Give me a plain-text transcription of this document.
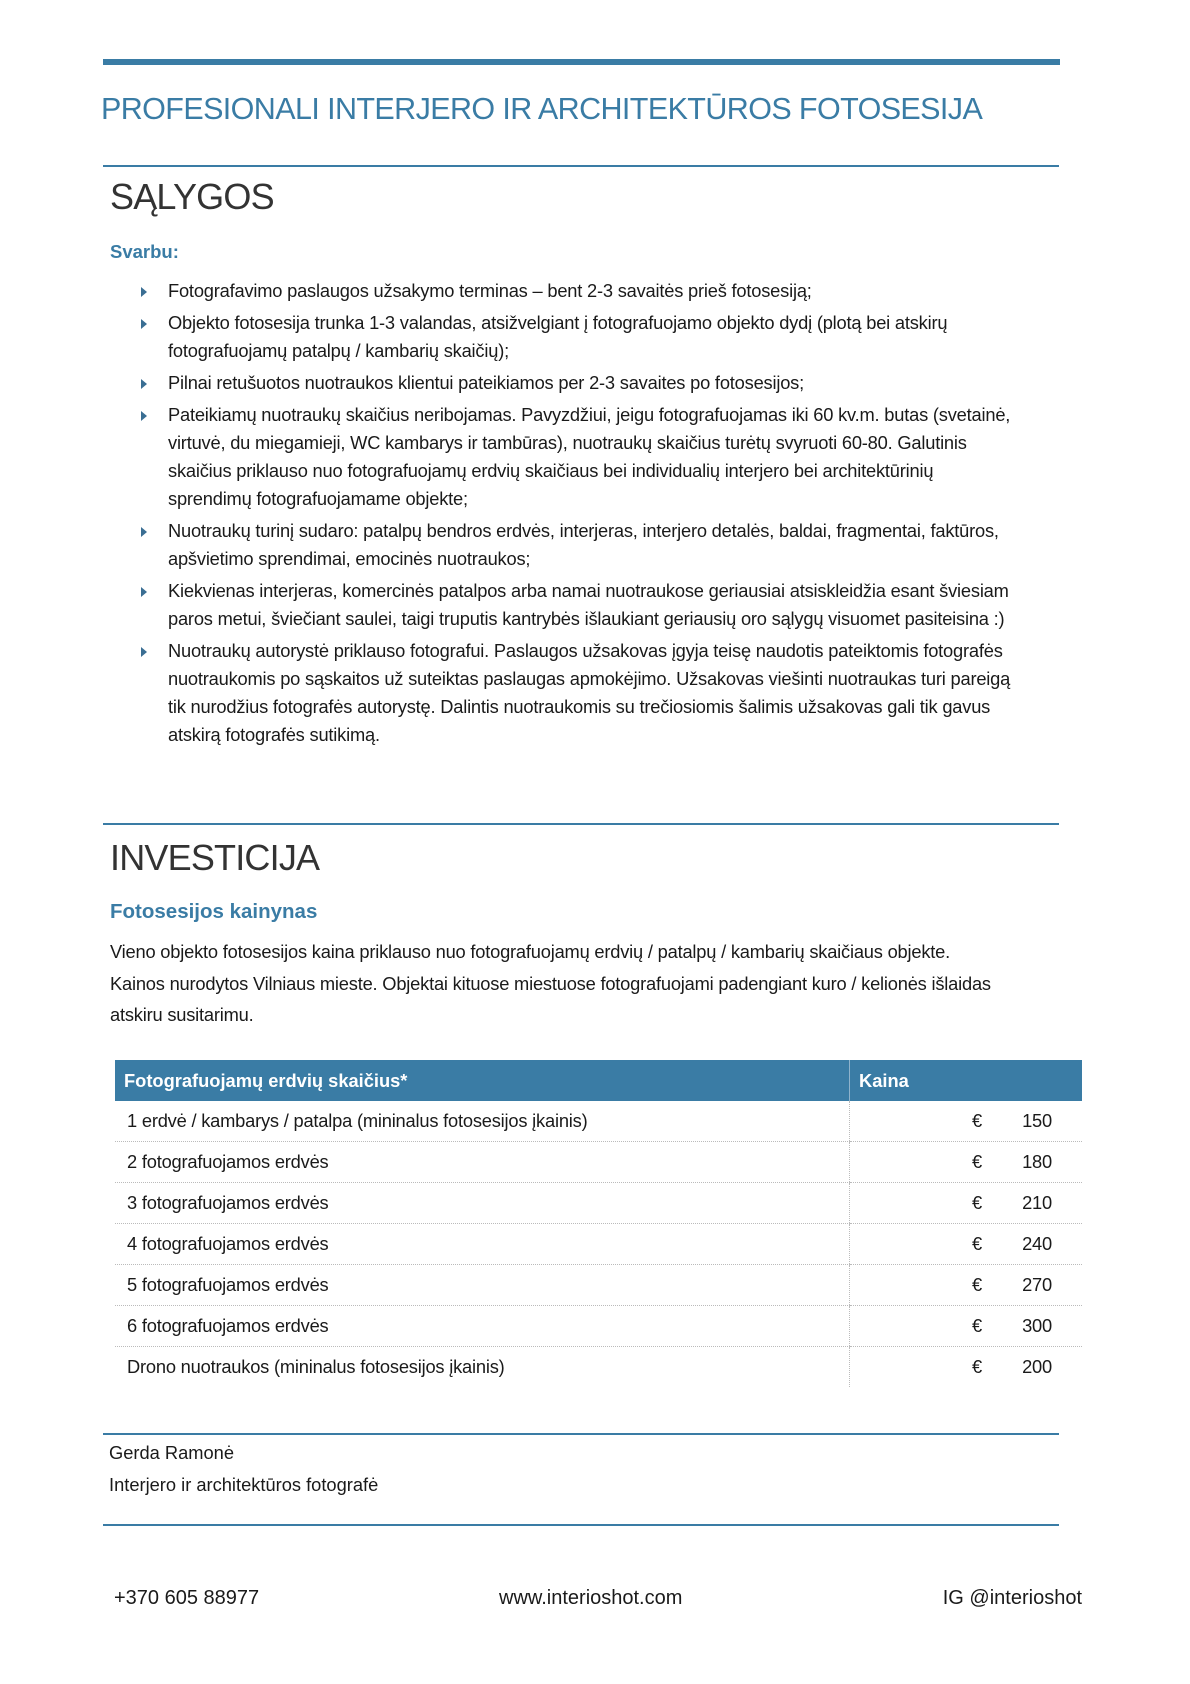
PROFESIONALI INTERJERO IR ARCHITEKTŪROS FOTOSESIJA
SĄLYGOS
Svarbu:
Fotografavimo paslaugos užsakymo terminas – bent 2-3 savaitės prieš fotosesiją;
Objekto fotosesija trunka 1-3 valandas, atsižvelgiant į fotografuojamo objekto dydį (plotą bei atskirų
fotografuojamų patalpų / kambarių skaičių);
Pilnai retušuotos nuotraukos klientui pateikiamos per 2-3 savaites po fotosesijos;
Pateikiamų nuotraukų skaičius neribojamas. Pavyzdžiui, jeigu fotografuojamas iki 60 kv.m. butas (svetainė,
virtuvė, du miegamieji, WC kambarys ir tambūras), nuotraukų skaičius turėtų svyruoti 60-80. Galutinis
skaičius priklauso nuo fotografuojamų erdvių skaičiaus bei individualių interjero bei architektūrinių
sprendimų fotografuojamame objekte;
Nuotraukų turinį sudaro: patalpų bendros erdvės, interjeras, interjero detalės, baldai, fragmentai, faktūros,
apšvietimo sprendimai, emocinės nuotraukos;
Kiekvienas interjeras, komercinės patalpos arba namai nuotraukose geriausiai atsiskleidžia esant šviesiam
paros metui, šviečiant saulei, taigi truputis kantrybės išlaukiant geriausių oro sąlygų visuomet pasiteisina :)
Nuotraukų autorystė priklauso fotografui. Paslaugos užsakovas įgyja teisę naudotis pateiktomis fotografės
nuotraukomis po sąskaitos už suteiktas paslaugas apmokėjimo. Užsakovas viešinti nuotraukas turi pareigą
tik nurodžius fotografės autorystę. Dalintis nuotraukomis su trečiosiomis šalimis užsakovas gali tik gavus
atskirą fotografės sutikimą.
INVESTICIJA
Fotosesijos kainynas
Vieno objekto fotosesijos kaina priklauso nuo fotografuojamų erdvių / patalpų / kambarių skaičiaus objekte.
Kainos nurodytos Vilniaus mieste. Objektai kituose miestuose fotografuojami padengiant kuro / kelionės išlaidas
atskiru susitarimu.
Fotografuojamų erdvių skaičius*	Kaina
1 erdvė / kambarys / patalpa (mininalus fotosesijos įkainis)	€ 150
2 fotografuojamos erdvės	€ 180
3 fotografuojamos erdvės	€ 210
4 fotografuojamos erdvės	€ 240
5 fotografuojamos erdvės	€ 270
6 fotografuojamos erdvės	€ 300
Drono nuotraukos (mininalus fotosesijos įkainis)	€ 200
Gerda Ramonė
Interjero ir architektūros fotografė
+370 605 88977	www.interioshot.com	IG @interioshot
